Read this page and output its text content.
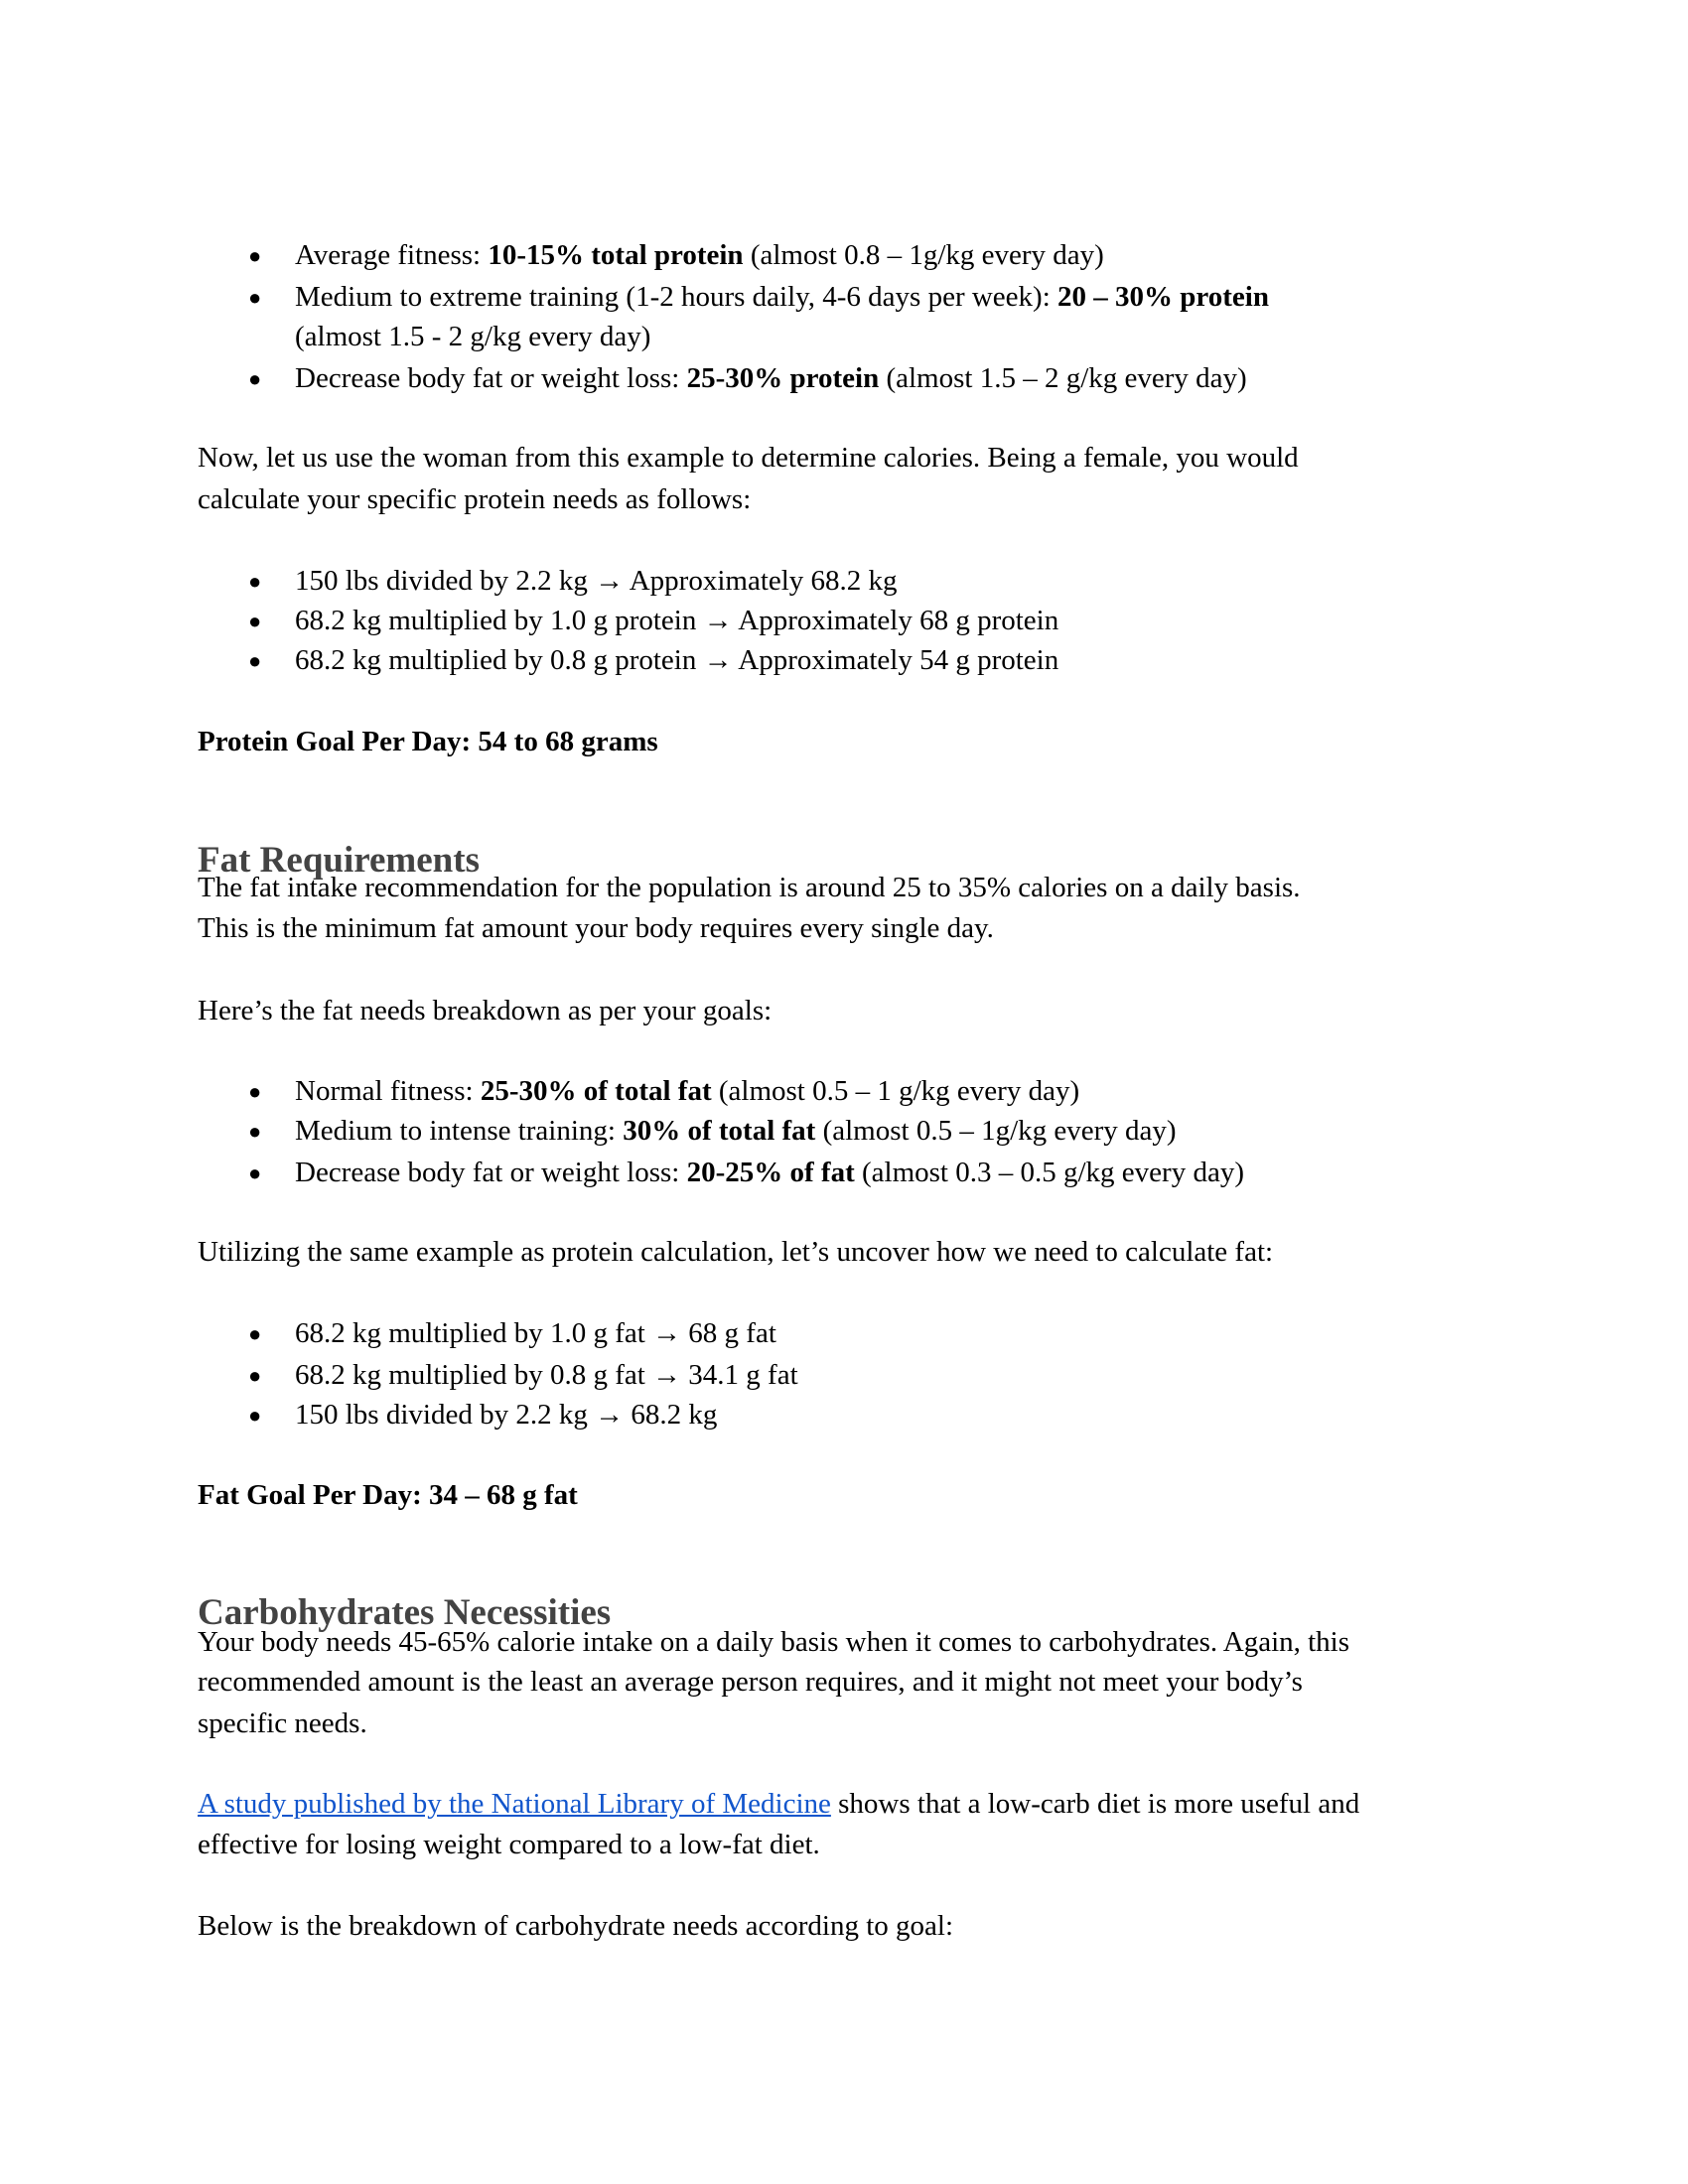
● Average fitness: 10-15% total protein (almost 0.8 – 1g/kg every day)
● Medium to extreme training (1-2 hours daily, 4-6 days per week): 20 – 30% protein
(almost 1.5 - 2 g/kg every day)
● Decrease body fat or weight loss: 25-30% protein (almost 1.5 – 2 g/kg every day)
Now, let us use the woman from this example to determine calories. Being a female, you would
calculate your specific protein needs as follows:
● 150 lbs divided by 2.2 kg → Approximately 68.2 kg
● 68.2 kg multiplied by 1.0 g protein → Approximately 68 g protein
● 68.2 kg multiplied by 0.8 g protein → Approximately 54 g protein
Protein Goal Per Day: 54 to 68 grams
The fat intake recommendation for the population is around 25 to 35% calories on a daily basis.
This is the minimum fat amount your body requires every single day.
Here’s the fat needs breakdown as per your goals:
● Normal fitness: 25-30% of total fat (almost 0.5 – 1 g/kg every day)
● Medium to intense training: 30% of total fat (almost 0.5 – 1g/kg every day)
● Decrease body fat or weight loss: 20-25% of fat (almost 0.3 – 0.5 g/kg every day)
Utilizing the same example as protein calculation, let’s uncover how we need to calculate fat:
● 68.2 kg multiplied by 1.0 g fat → 68 g fat
● 68.2 kg multiplied by 0.8 g fat → 34.1 g fat
● 150 lbs divided by 2.2 kg → 68.2 kg
Fat Goal Per Day: 34 – 68 g fat
Your body needs 45-65% calorie intake on a daily basis when it comes to carbohydrates. Again, this
recommended amount is the least an average person requires, and it might not meet your body’s
specific needs.
A study published by the National Library of Medicine shows that a low-carb diet is more useful and
effective for losing weight compared to a low-fat diet.
Below is the breakdown of carbohydrate needs according to goal:
Fat Requirements
Carbohydrates Necessities
